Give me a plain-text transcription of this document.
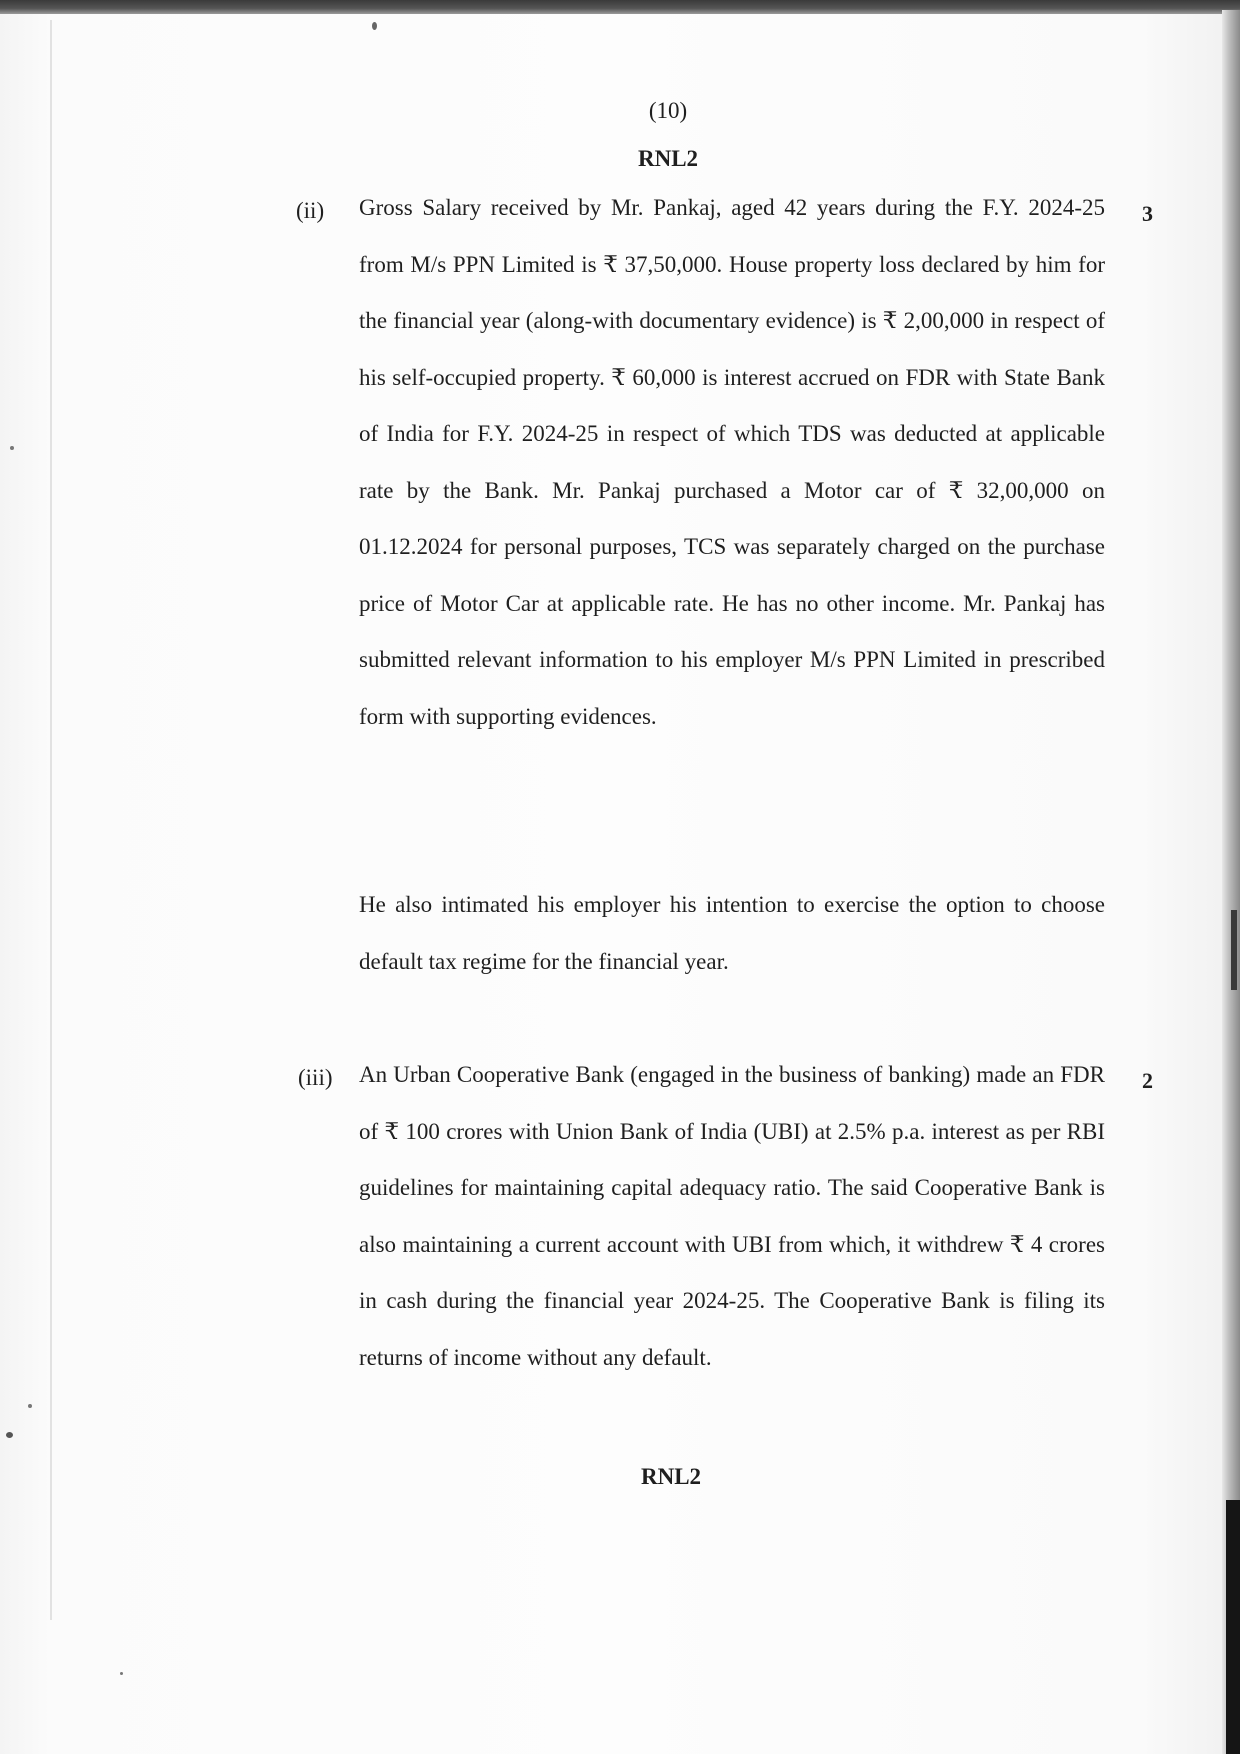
(10)
RNL2
(ii)	3

Gross Salary received by Mr. Pankaj, aged 42 years during the F.Y. 2024-25 from M/s PPN Limited is ₹ 37,50,000. House property loss declared by him for the financial year (along-with documentary evidence) is ₹ 2,00,000 in respect of his self-occupied property. ₹ 60,000 is interest accrued on FDR with State Bank of India for F.Y. 2024-25 in respect of which TDS was deducted at applicable rate by the Bank. Mr. Pankaj purchased a Motor car of ₹ 32,00,000 on 01.12.2024 for personal purposes, TCS was separately charged on the purchase price of Motor Car at applicable rate. He has no other income. Mr. Pankaj has submitted relevant information to his employer M/s PPN Limited in prescribed form with supporting evidences.

He also intimated his employer his intention to exercise the option to choose default tax regime for the financial year.

(iii)	2

An Urban Cooperative Bank (engaged in the business of banking) made an FDR of ₹ 100 crores with Union Bank of India (UBI) at 2.5% p.a. interest as per RBI guidelines for maintaining capital adequacy ratio. The said Cooperative Bank is also maintaining a current account with UBI from which, it withdrew ₹ 4 crores in cash during the financial year 2024-25. The Cooperative Bank is filing its returns of income without any default.

RNL2
